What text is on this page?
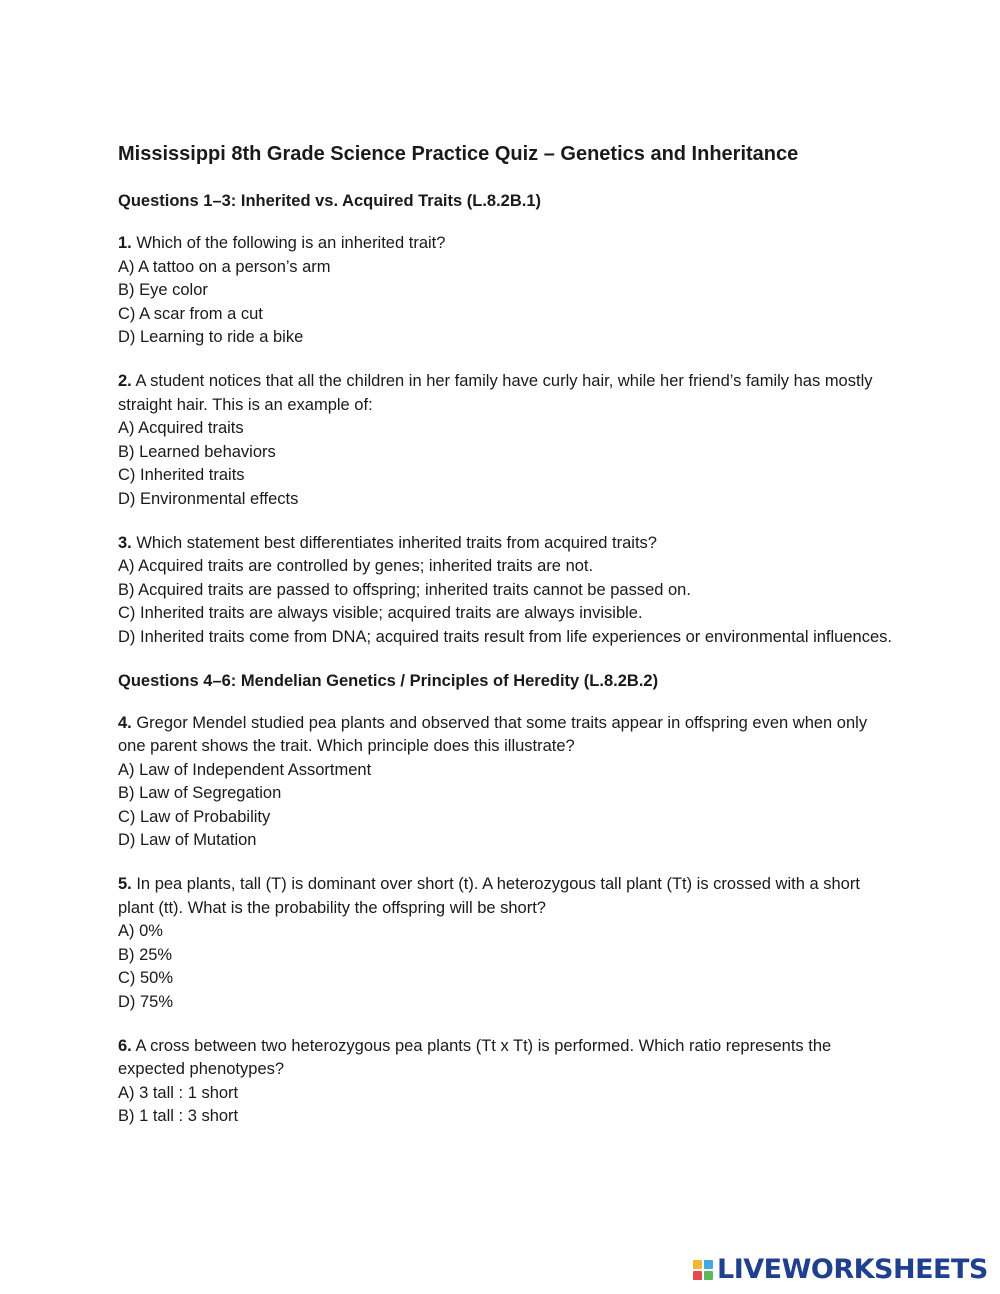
Mississippi 8th Grade Science Practice Quiz – Genetics and Inheritance
Questions 1–3: Inherited vs. Acquired Traits (L.8.2B.1)
1. Which of the following is an inherited trait?
A) A tattoo on a person’s arm
B) Eye color
C) A scar from a cut
D) Learning to ride a bike
2. A student notices that all the children in her family have curly hair, while her friend’s family has mostly straight hair. This is an example of:
A) Acquired traits
B) Learned behaviors
C) Inherited traits
D) Environmental effects
3. Which statement best differentiates inherited traits from acquired traits?
A) Acquired traits are controlled by genes; inherited traits are not.
B) Acquired traits are passed to offspring; inherited traits cannot be passed on.
C) Inherited traits are always visible; acquired traits are always invisible.
D) Inherited traits come from DNA; acquired traits result from life experiences or environmental influences.
Questions 4–6: Mendelian Genetics / Principles of Heredity (L.8.2B.2)
4. Gregor Mendel studied pea plants and observed that some traits appear in offspring even when only one parent shows the trait. Which principle does this illustrate?
A) Law of Independent Assortment
B) Law of Segregation
C) Law of Probability
D) Law of Mutation
5. In pea plants, tall (T) is dominant over short (t). A heterozygous tall plant (Tt) is crossed with a short plant (tt). What is the probability the offspring will be short?
A) 0%
B) 25%
C) 50%
D) 75%
6. A cross between two heterozygous pea plants (Tt x Tt) is performed. Which ratio represents the expected phenotypes?
A) 3 tall : 1 short
B) 1 tall : 3 short
LIVEWORKSHEETS
